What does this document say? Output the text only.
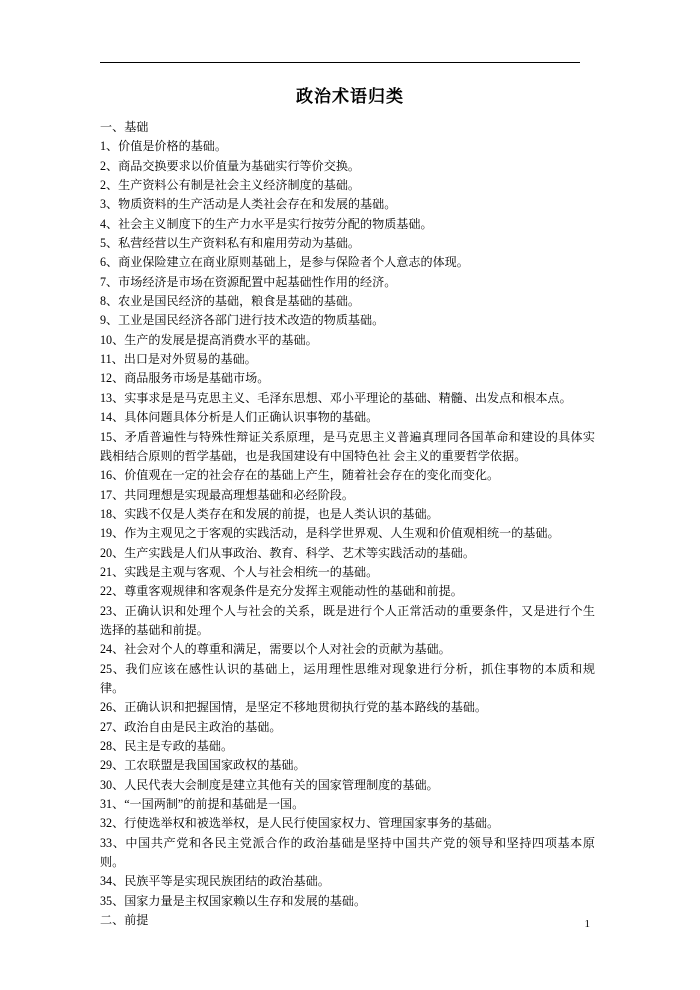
政治术语归类
一、基础
1、价值是价格的基础。
2、商品交换要求以价值量为基础实行等价交换。
2、生产资料公有制是社会主义经济制度的基础。
3、物质资料的生产活动是人类社会存在和发展的基础。
4、社会主义制度下的生产力水平是实行按劳分配的物质基础。
5、私营经营以生产资料私有和雇用劳动为基础。
6、商业保险建立在商业原则基础上，是参与保险者个人意志的体现。
7、市场经济是市场在资源配置中起基础性作用的经济。
8、农业是国民经济的基础，粮食是基础的基础。
9、工业是国民经济各部门进行技术改造的物质基础。
10、生产的发展是提高消费水平的基础。
11、出口是对外贸易的基础。
12、商品服务市场是基础市场。
13、实事求是是马克思主义、毛泽东思想、邓小平理论的基础、精髓、出发点和根本点。
14、具体问题具体分析是人们正确认识事物的基础。
15、矛盾普遍性与特殊性辩证关系原理，是马克思主义普遍真理同各国革命和建设的具体实践相结合原则的哲学基础，也是我国建设有中国特色社 会主义的重要哲学依据。
16、价值观在一定的社会存在的基础上产生，随着社会存在的变化而变化。
17、共同理想是实现最高理想基础和必经阶段。
18、实践不仅是人类存在和发展的前提，也是人类认识的基础。
19、作为主观见之于客观的实践活动，是科学世界观、人生观和价值观相统一的基础。
20、生产实践是人们从事政治、教育、科学、艺术等实践活动的基础。
21、实践是主观与客观、个人与社会相统一的基础。
22、尊重客观规律和客观条件是充分发挥主观能动性的基础和前提。
23、正确认识和处理个人与社会的关系，既是进行个人正常活动的重要条件，又是进行个生选择的基础和前提。
24、社会对个人的尊重和满足，需要以个人对社会的贡献为基础。
25、我们应该在感性认识的基础上，运用理性思维对现象进行分析，抓住事物的本质和规律。
26、正确认识和把握国情，是坚定不移地贯彻执行党的基本路线的基础。
27、政治自由是民主政治的基础。
28、民主是专政的基础。
29、工农联盟是我国国家政权的基础。
30、人民代表大会制度是建立其他有关的国家管理制度的基础。
31、“一国两制”的前提和基础是一国。
32、行使选举权和被选举权，是人民行使国家权力、管理国家事务的基础。
33、中国共产党和各民主党派合作的政治基础是坚持中国共产党的领导和坚持四项基本原则。
34、民族平等是实现民族团结的政治基础。
35、国家力量是主权国家赖以生存和发展的基础。
二、前提	1
